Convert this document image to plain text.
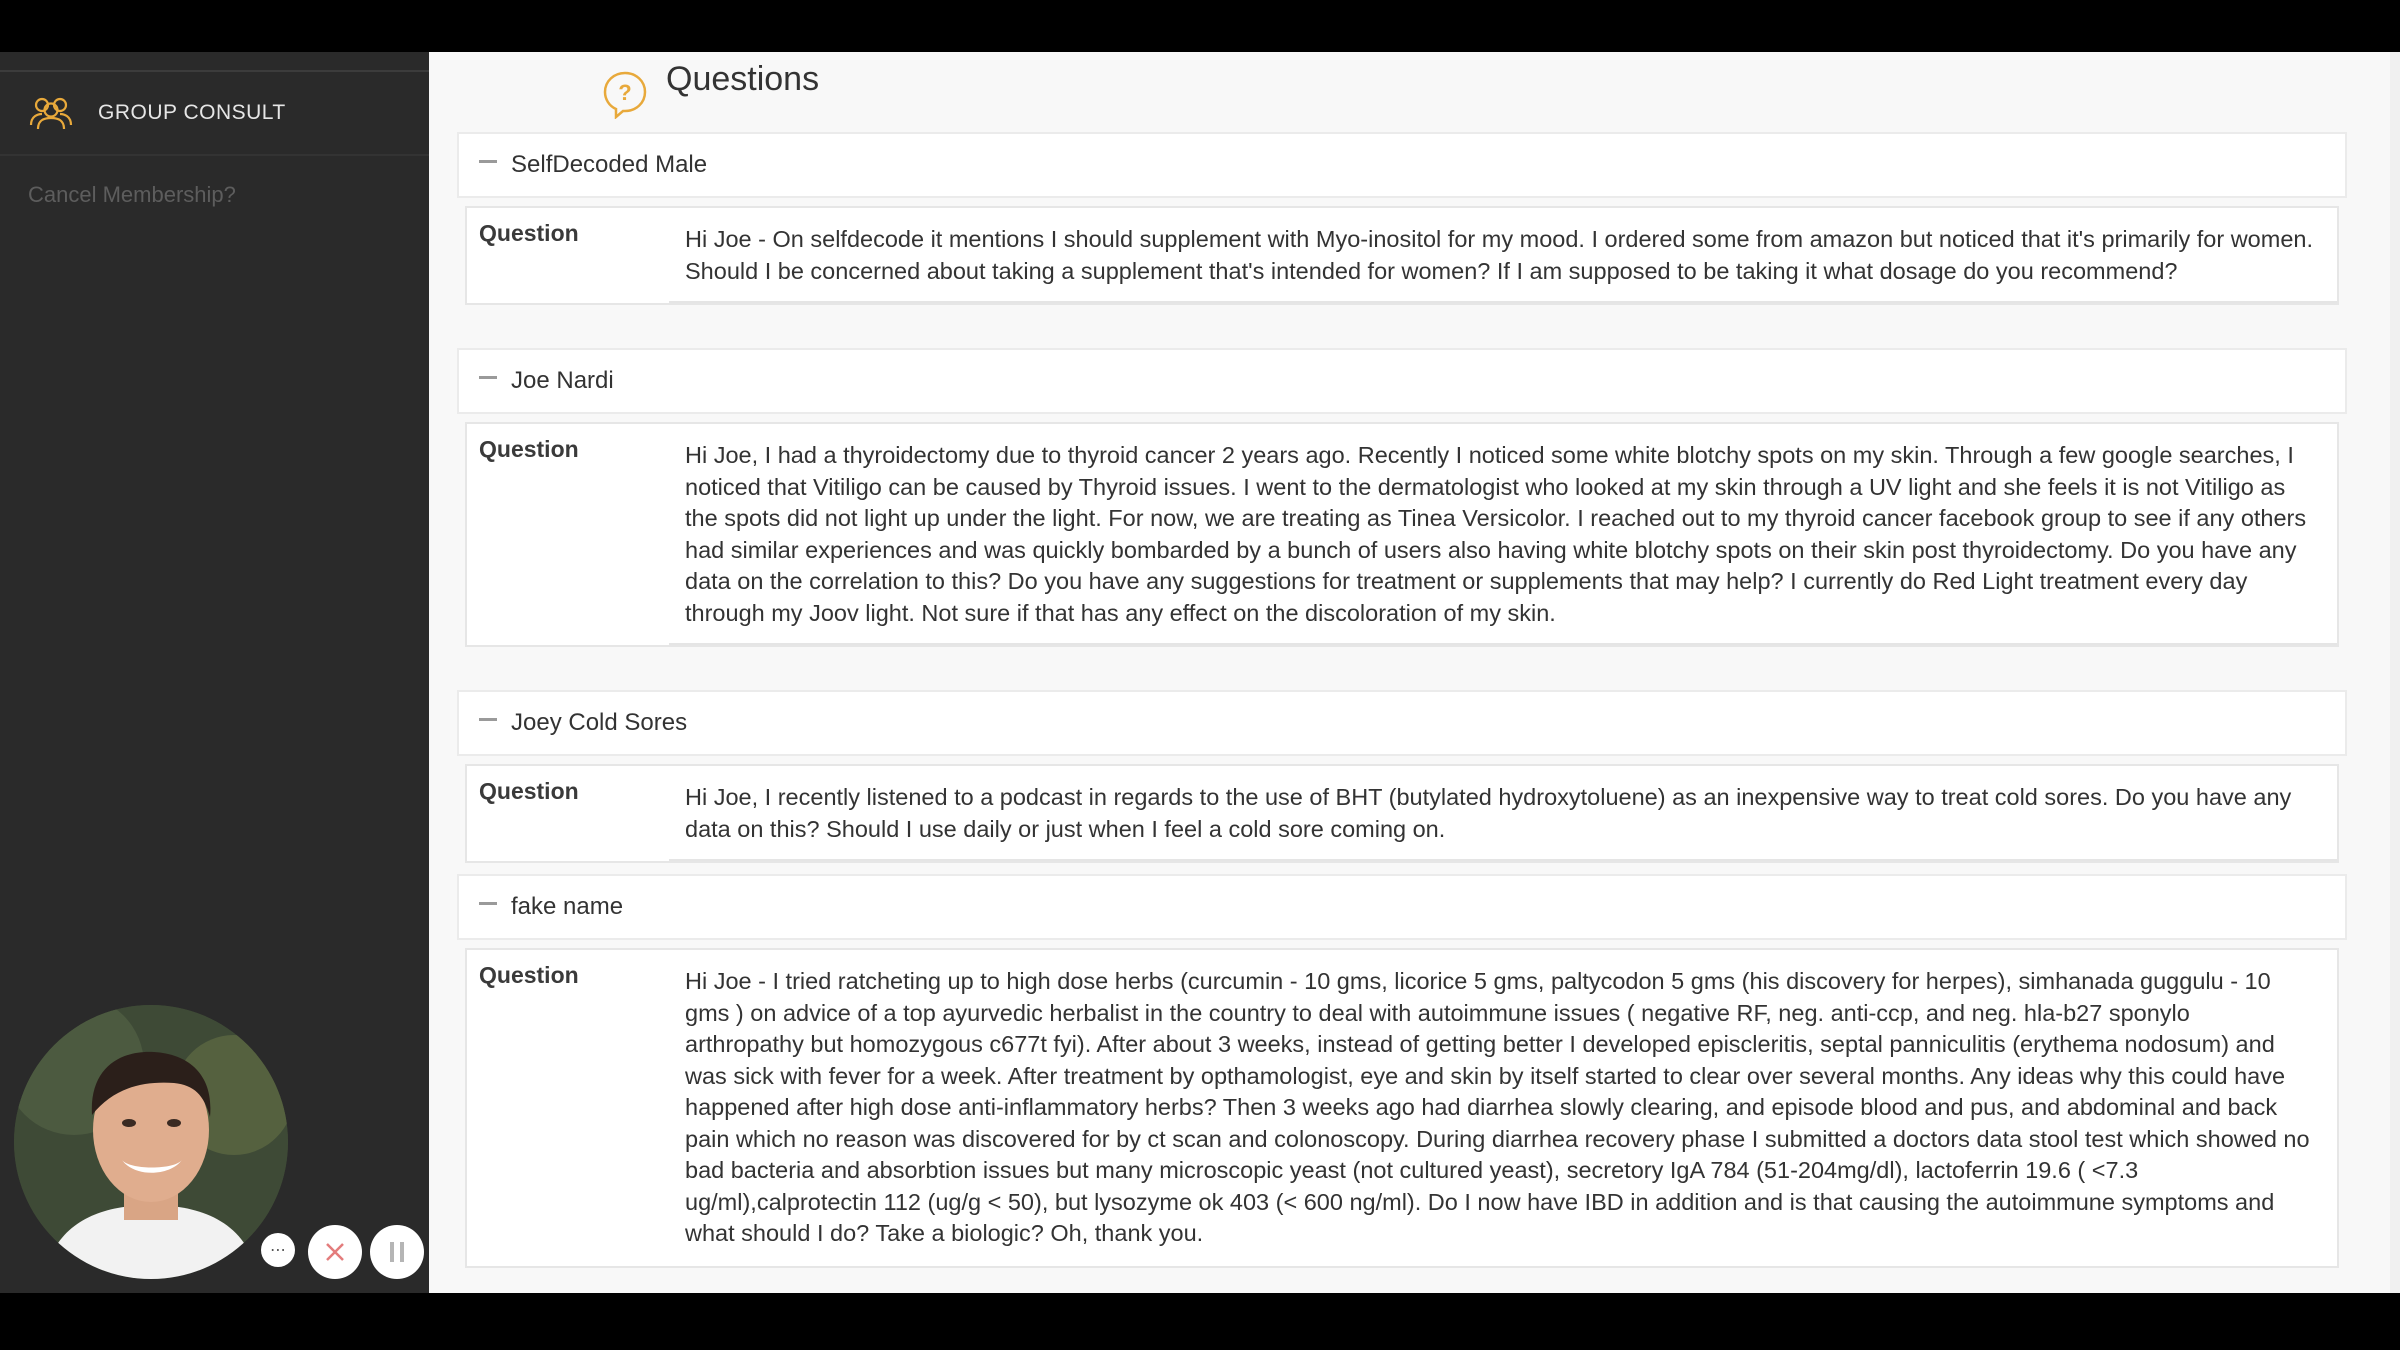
GROUP CONSULT
Cancel Membership?
⋯
? Questions
SelfDecoded Male
Question	Hi Joe - On selfdecode it mentions I should supplement with Myo-inositol for my mood. I ordered some from amazon but noticed that it's primarily for women. Should I be concerned about taking a supplement that's intended for women? If I am supposed to be taking it what dosage do you recommend?
Joe Nardi
Question	Hi Joe, I had a thyroidectomy due to thyroid cancer 2 years ago. Recently I noticed some white blotchy spots on my skin. Through a few google searches, I noticed that Vitiligo can be caused by Thyroid issues. I went to the dermatologist who looked at my skin through a UV light and she feels it is not Vitiligo as the spots did not light up under the light. For now, we are treating as Tinea Versicolor. I reached out to my thyroid cancer facebook group to see if any others had similar experiences and was quickly bombarded by a bunch of users also having white blotchy spots on their skin post thyroidectomy. Do you have any data on the correlation to this? Do you have any suggestions for treatment or supplements that may help? I currently do Red Light treatment every day through my Joov light. Not sure if that has any effect on the discoloration of my skin.
Joey Cold Sores
Question	Hi Joe, I recently listened to a podcast in regards to the use of BHT (butylated hydroxytoluene) as an inexpensive way to treat cold sores. Do you have any data on this? Should I use daily or just when I feel a cold sore coming on.
fake name
Question	Hi Joe - I tried ratcheting up to high dose herbs (curcumin - 10 gms, licorice 5 gms, paltycodon 5 gms (his discovery for herpes), simhanada guggulu - 10 gms ) on advice of a top ayurvedic herbalist in the country to deal with autoimmune issues ( negative RF, neg. anti-ccp, and neg. hla-b27 sponylo arthropathy but homozygous c677t fyi). After about 3 weeks, instead of getting better I developed episcleritis, septal panniculitis (erythema nodosum) and was sick with fever for a week. After treatment by opthamologist, eye and skin by itself started to clear over several months. Any ideas why this could have happened after high dose anti-inflammatory herbs? Then 3 weeks ago had diarrhea slowly clearing, and episode blood and pus, and abdominal and back pain which no reason was discovered for by ct scan and colonoscopy. During diarrhea recovery phase I submitted a doctors data stool test which showed no bad bacteria and absorbtion issues but many microscopic yeast (not cultured yeast), secretory IgA 784 (51-204mg/dl), lactoferrin 19.6 ( <7.3 ug/ml),calprotectin 112 (ug/g < 50), but lysozyme ok 403 (< 600 ng/ml). Do I now have IBD in addition and is that causing the autoimmune symptoms and what should I do? Take a biologic? Oh, thank you.
